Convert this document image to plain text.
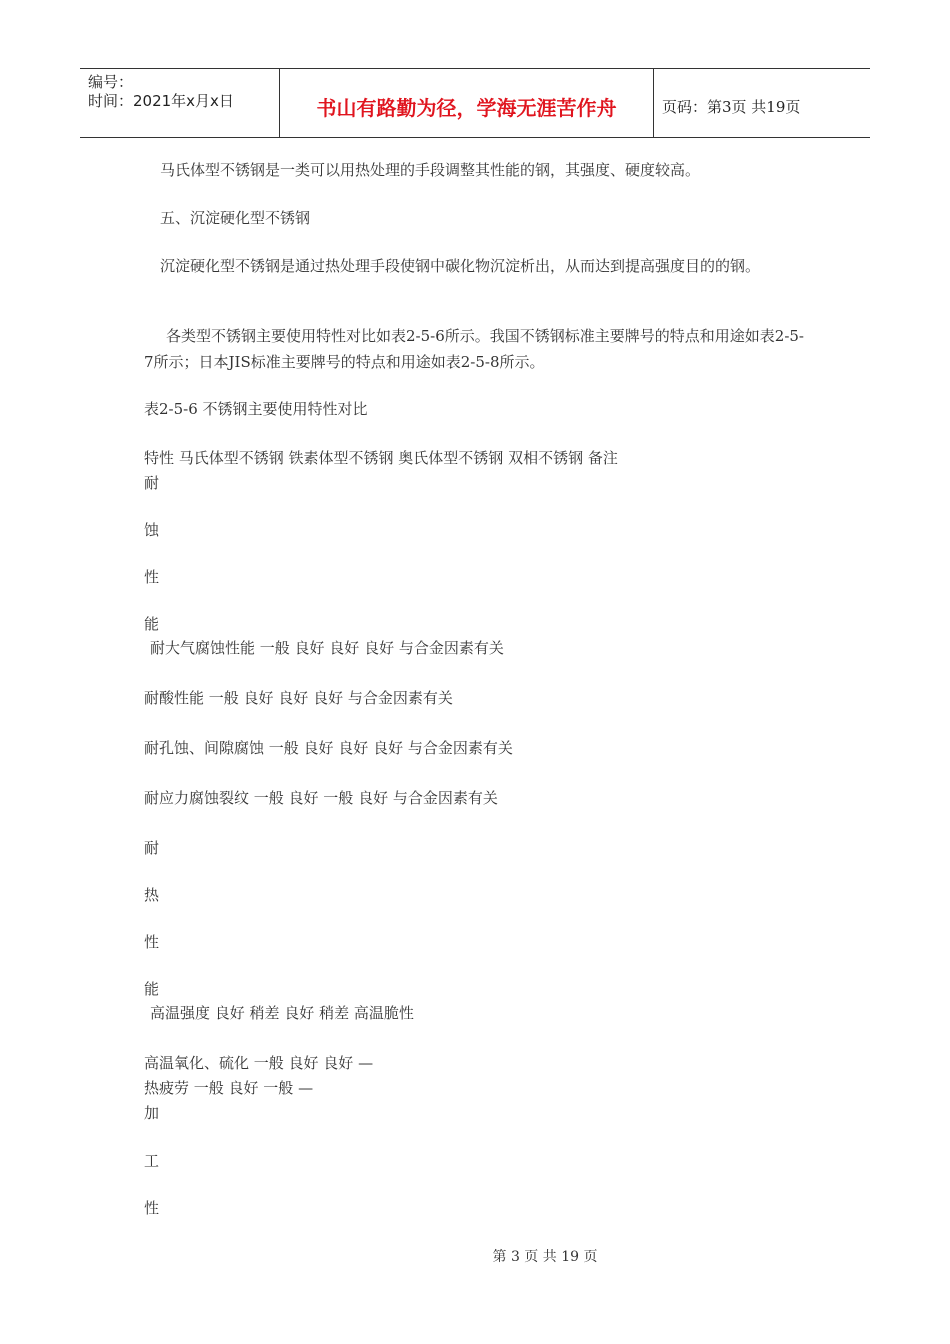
编号：
时间：2021年x月x日	书山有路勤为径，学海无涯苦作舟	页码：第3页 共19页
马氏体型不锈钢是一类可以用热处理的手段调整其性能的钢，其强度、硬度较高。
五、沉淀硬化型不锈钢
沉淀硬化型不锈钢是通过热处理手段使钢中碳化物沉淀析出，从而达到提高强度目的的钢。
各类型不锈钢主要使用特性对比如表2-5-6所示。我国不锈钢标准主要牌号的特点和用途如表2-5-7所示；日本JIS标准主要牌号的特点和用途如表2-5-8所示。
表2-5-6 不锈钢主要使用特性对比
特性 马氏体型不锈钢 铁素体型不锈钢 奥氏体型不锈钢 双相不锈钢 备注
耐
蚀
性
能
耐大气腐蚀性能 一般 良好 良好 良好 与合金因素有关
耐酸性能 一般 良好 良好 良好 与合金因素有关
耐孔蚀、间隙腐蚀 一般 良好 良好 良好 与合金因素有关
耐应力腐蚀裂纹 一般 良好 一般 良好 与合金因素有关
耐
热
性
能
高温强度 良好 稍差 良好 稍差 高温脆性
高温氧化、硫化 一般 良好 良好 —
热疲劳 一般 良好 一般 —
加
工
性
第 3 页 共 19 页
